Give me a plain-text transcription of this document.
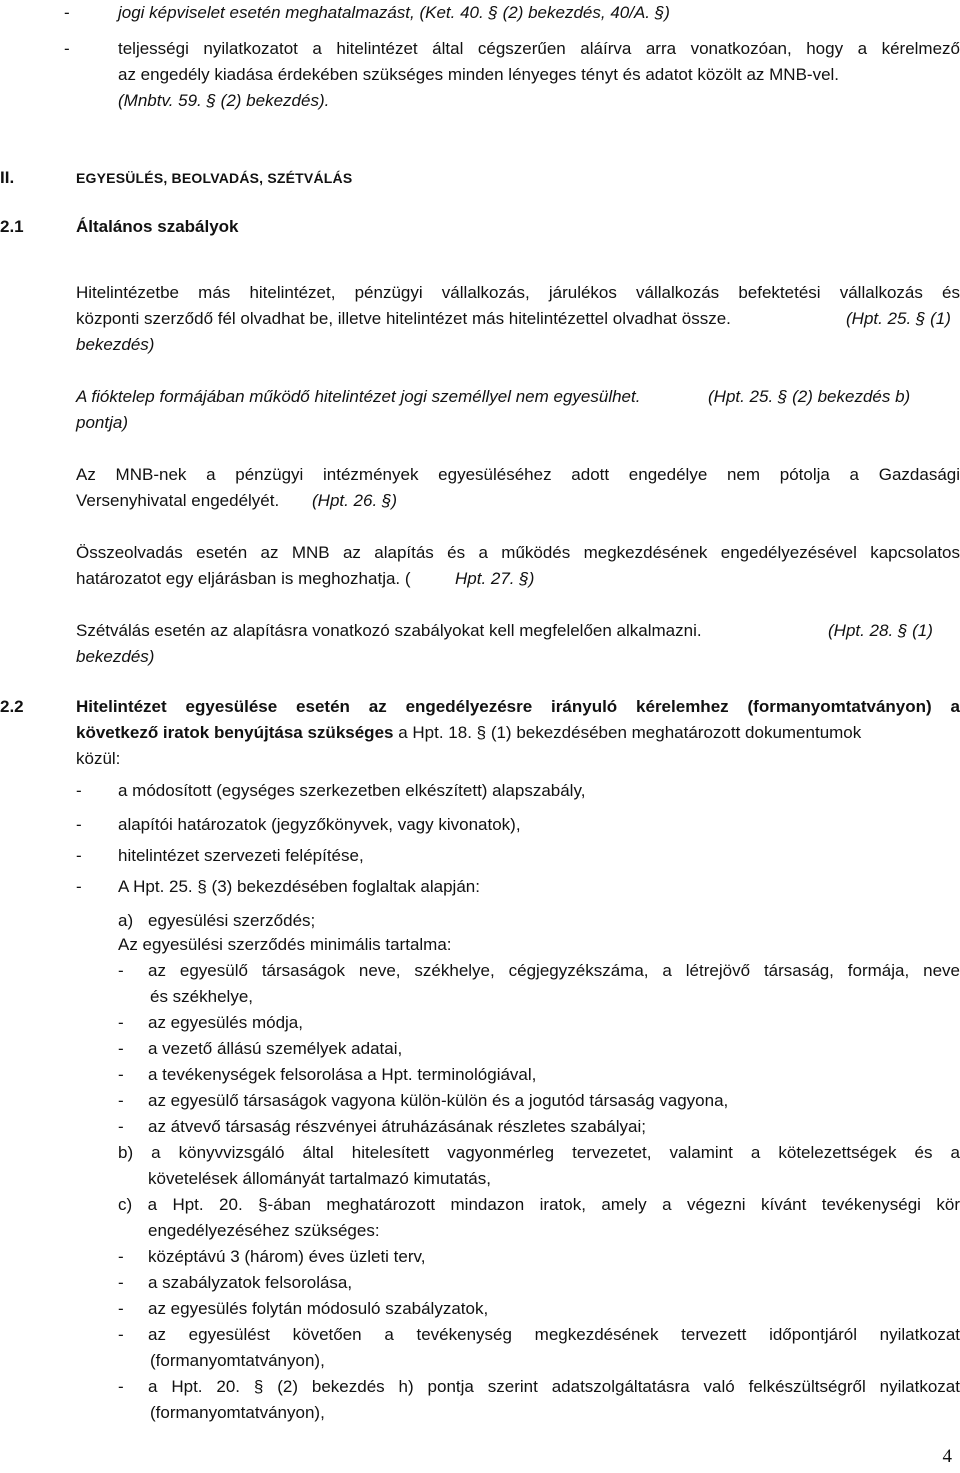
-	jogi képviselet esetén meghatalmazást, (Ket. 40. § (2) bekezdés, 40/A. §)
-	teljességi nyilatkozatot a hitelintézet által cégszerűen aláírva arra vonatkozóan, hogy a kérelmező
az engedély kiadása érdekében szükséges minden lényeges tényt és adatot közölt az MNB-vel.
(Mnbtv. 59. § (2) bekezdés).
II.	EGYESÜLÉS, BEOLVADÁS, SZÉTVÁLÁS
2.1	Általános szabályok
Hitelintézetbe más hitelintézet, pénzügyi vállalkozás, járulékos vállalkozás befektetési vállalkozás és
központi szerződő fél olvadhat be, illetve hitelintézet más hitelintézettel olvadhat össze.	(Hpt. 25. § (1)
bekezdés)
A fióktelep formájában működő hitelintézet jogi személlyel nem egyesülhet.	(Hpt. 25. § (2) bekezdés b)
pontja)
Az MNB-nek a pénzügyi intézmények egyesüléséhez adott engedélye nem pótolja a Gazdasági
Versenyhivatal engedélyét. (Hpt. 26. §)
Összeolvadás esetén az MNB az alapítás és a működés megkezdésének engedélyezésével kapcsolatos
határozatot egy eljárásban is meghozhatja. (	Hpt. 27. §)
Szétválás esetén az alapításra vonatkozó szabályokat kell megfelelően alkalmazni.	(Hpt. 28. § (1)
bekezdés)
2.2	Hitelintézet egyesülése esetén az engedélyezésre irányuló kérelemhez (formanyomtatványon) a
következő iratok benyújtása szükséges a Hpt. 18. § (1) bekezdésében meghatározott dokumentumok
közül:
- a módosított (egységes szerkezetben elkészített) alapszabály,
- alapítói határozatok (jegyzőkönyvek, vagy kivonatok),
- hitelintézet szervezeti felépítése,
- A Hpt. 25. § (3) bekezdésében foglaltak alapján:
a) egyesülési szerződés;
Az egyesülési szerződés minimális tartalma:
- az egyesülő társaságok neve, székhelye, cégjegyzékszáma, a létrejövő társaság, formája, neve
és székhelye,
- az egyesülés módja,
- a vezető állású személyek adatai,
- a tevékenységek felsorolása a Hpt. terminológiával,
- az egyesülő társaságok vagyona külön-külön és a jogutód társaság vagyona,
- az átvevő társaság részvényei átruházásának részletes szabályai;
b) a könyvvizsgáló által hitelesített vagyonmérleg tervezetet, valamint a kötelezettségek és a
követelések állományát tartalmazó kimutatás,
c) a Hpt. 20. §-ában meghatározott mindazon iratok, amely a végezni kívánt tevékenységi kör
engedélyezéséhez szükséges:
- középtávú 3 (három) éves üzleti terv,
- a szabályzatok felsorolása,
- az egyesülés folytán módosuló szabályzatok,
- az egyesülést követően a tevékenység megkezdésének tervezett időpontjáról nyilatkozat
(formanyomtatványon),
- a Hpt. 20. § (2) bekezdés h) pontja szerint adatszolgáltatásra való felkészültségről nyilatkozat
(formanyomtatványon),
4
